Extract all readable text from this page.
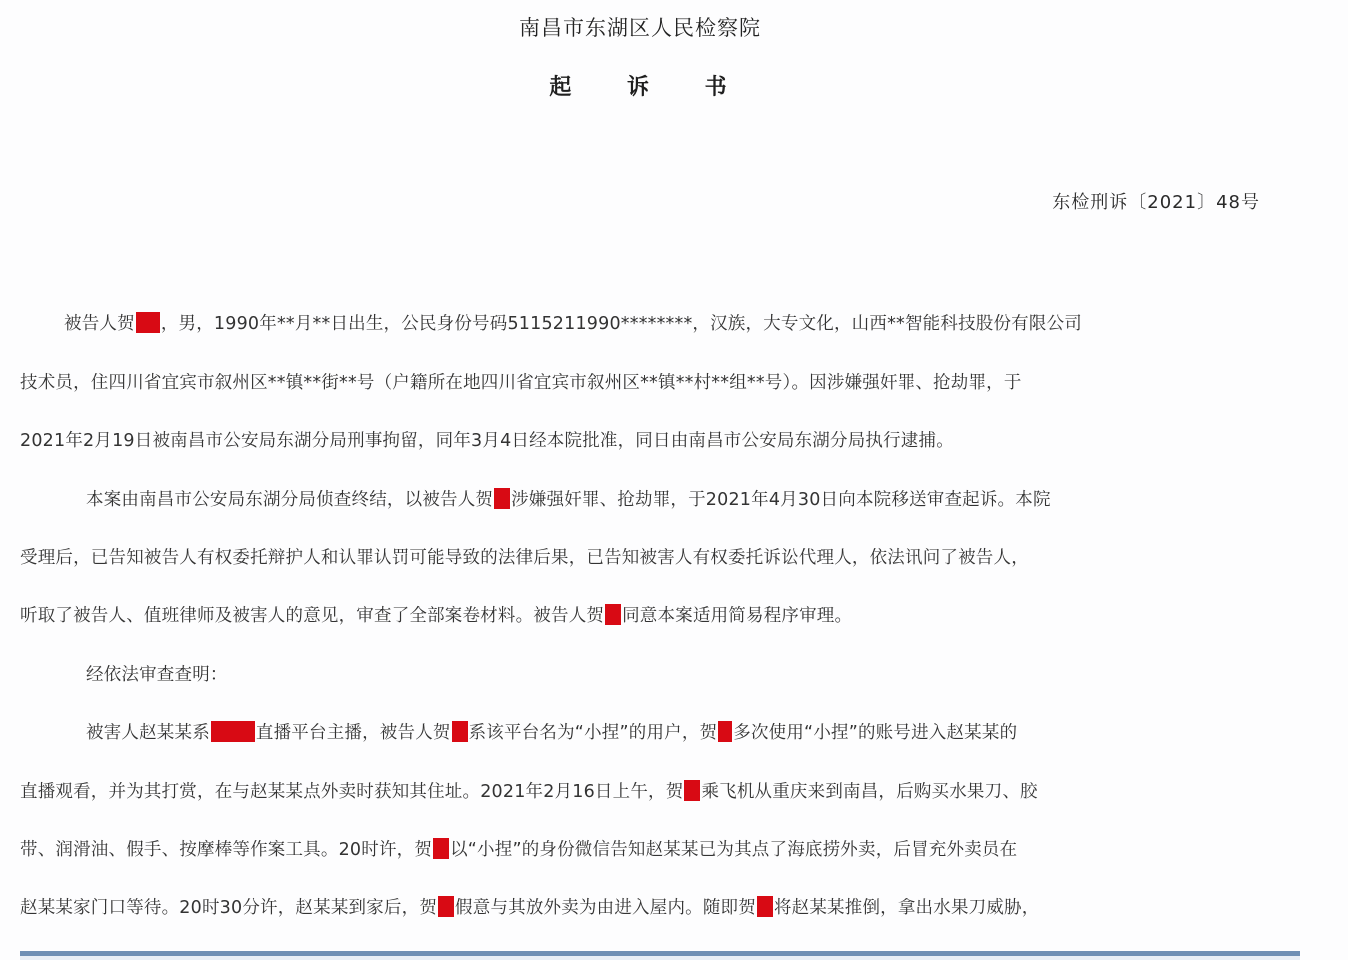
南昌市东湖区人民检察院
起 诉 书
东检刑诉〔2021〕48号
被告人贺 ，男，1990年**月**日出生，公民身份号码5115211990********，汉族，大专文化，山西**智能科技股份有限公司
技术员，住四川省宜宾市叙州区**镇**街**号（户籍所在地四川省宜宾市叙州区**镇**村**组**号）。因涉嫌强奸罪、抢劫罪，于
2021年2月19日被南昌市公安局东湖分局刑事拘留，同年3月4日经本院批准，同日由南昌市公安局东湖分局执行逮捕。
本案由南昌市公安局东湖分局侦查终结，以被告人贺 涉嫌强奸罪、抢劫罪，于2021年4月30日向本院移送审查起诉。本院
受理后，已告知被告人有权委托辩护人和认罪认罚可能导致的法律后果，已告知被害人有权委托诉讼代理人，依法讯问了被告人，
听取了被告人、值班律师及被害人的意见，审查了全部案卷材料。被告人贺 同意本案适用简易程序审理。
经依法审查查明：
被害人赵某某系	直播平台主播，被告人贺 系该平台名为“小捏”的用户，贺 多次使用“小捏”的账号进入赵某某的
直播观看，并为其打赏，在与赵某某点外卖时获知其住址。2021年2月16日上午，贺 乘飞机从重庆来到南昌，后购买水果刀、胶
带、润滑油、假手、按摩棒等作案工具。20时许，贺 以“小捏”的身份微信告知赵某某已为其点了海底捞外卖，后冒充外卖员在
赵某某家门口等待。20时30分许，赵某某到家后，贺 假意与其放外卖为由进入屋内。随即贺 将赵某某推倒，拿出水果刀威胁，
